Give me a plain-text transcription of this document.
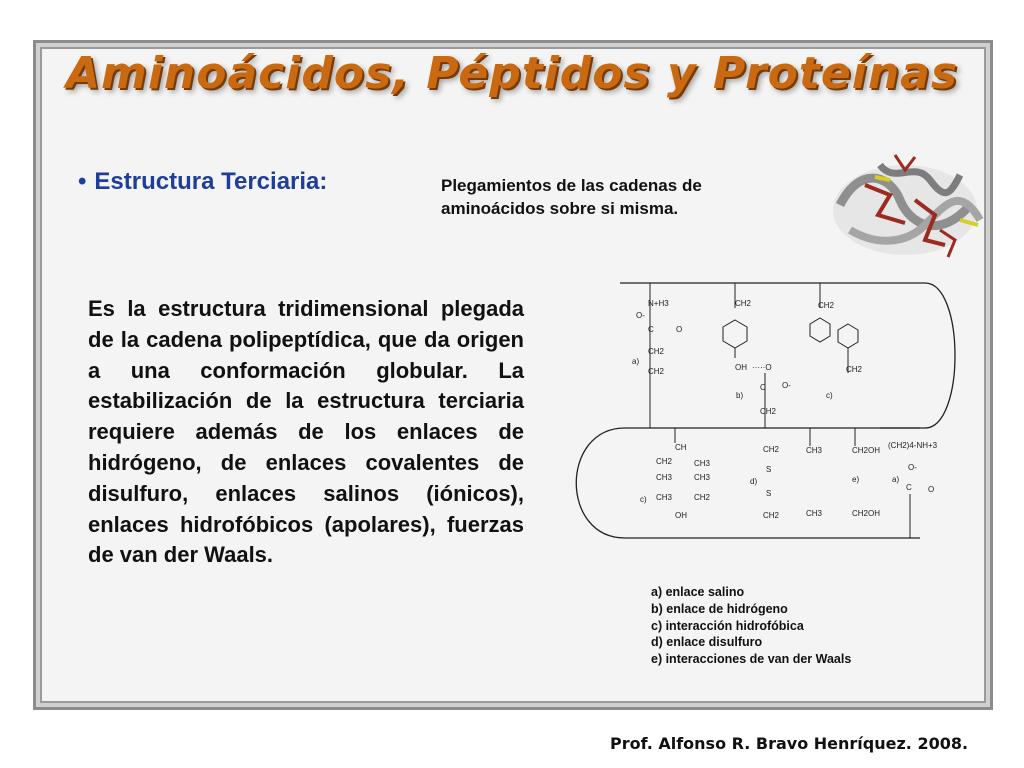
Aminoácidos, Péptidos y Proteínas
• Estructura Terciaria:	Plegamientos de las cadenas de aminoácidos sobre si misma.
Es la estructura tridimensional plegada de la cadena polipeptídica, que da origen a una conformación globular. La estabilización de la estructura terciaria requiere además de los enlaces de hidrógeno, de enlaces covalentes de disulfuro, enlaces salinos (iónicos), enlaces hidrofóbicos (apolares), fuerzas de van der Waals.
N+H3
O-
C	O
CH2
CH2
a)
CH2
OH ·····O
C O-
b)
CH2
CH2
CH2
c)
CH
CH2	CH3
CH3	CH3
c) CH3	CH2
OH
CH2
S
S
d)
CH2
CH3
CH3
e)
CH2OH
CH2OH
(CH2)4-NH+3
O-
C O
a)
a) enlace salino
b) enlace de hidrógeno
c) interacción hidrofóbica
d) enlace disulfuro
e) interacciones de van der Waals
Prof. Alfonso R. Bravo Henríquez. 2008.
